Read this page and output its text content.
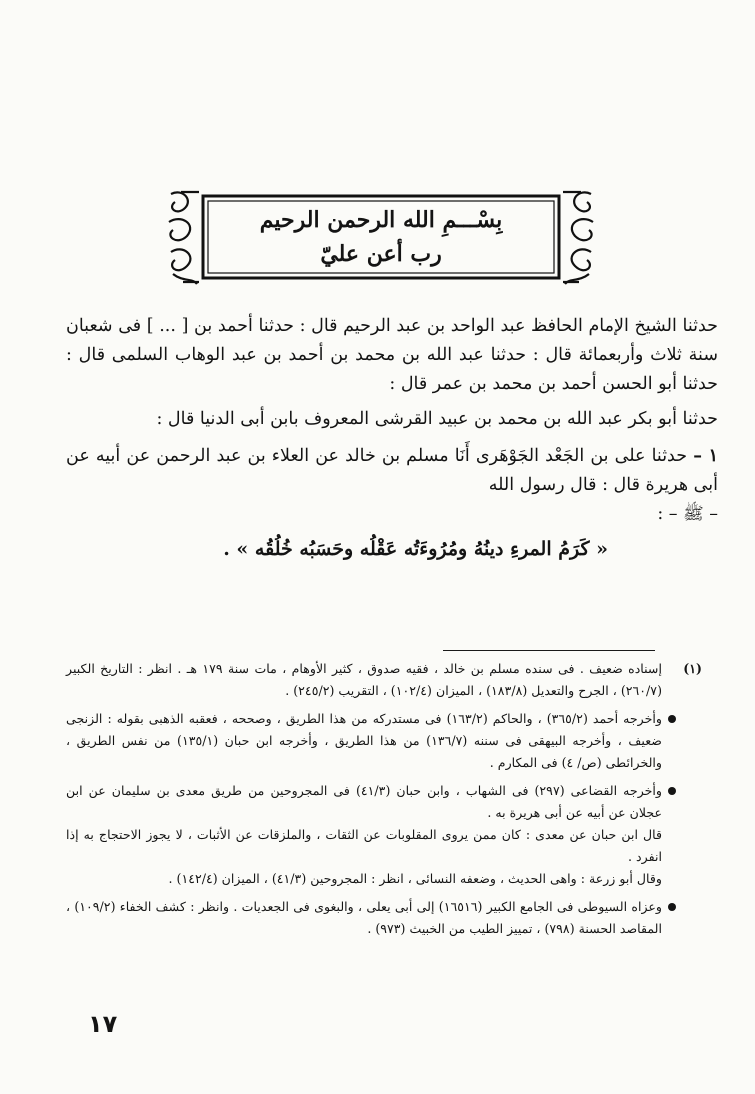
بِسْـــمِ الله الرحمن الرحيم
رب أعن عليّ

حدثنا الشيخ الإمام الحافظ عبد الواحد بن عبد الرحيم قال : حدثنا أحمد بن [ ... ] فى شعبان سنة ثلاث وأربعمائة قال : حدثنا عبد الله بن محمد بن أحمد بن عبد الوهاب السلمى قال : حدثنا أبو الحسن أحمد بن محمد بن عمر قال :

حدثنا أبو بكر عبد الله بن محمد بن عبيد القرشى المعروف بابن أبى الدنيا قال :

١ – حدثنا على بن الجَعْد الجَوْهَرى أَنَا مسلم بن خالد عن العلاء بن عبد الرحمن عن أبيه عن أبى هريرة قال : قال رسول الله
– ﷺ – :

« كَرَمُ المرءِ دينُهُ ومُرُوءَتُه عَقْلُه وحَسَبُه خُلُقُه » .

(١)
إسناده ضعيف . فى سنده مسلم بن خالد ، فقيه صدوق ، كثير الأوهام ، مات سنة ١٧٩ هـ . انظر : التاريخ الكبير (٢٦٠/٧) ، الجرح والتعديل (١٨٣/٨) ، الميزان (١٠٢/٤) ، التقريب (٢٤٥/٢) .
وأخرجه أحمد (٣٦٥/٢) ، والحاكم (١٦٣/٢) فى مستدركه من هذا الطريق ، وصححه ، فعقبه الذهبى بقوله : الزنجى ضعيف ، وأخرجه البيهقى فى سننه (١٣٦/٧) من هذا الطريق ، وأخرجه ابن حبان (١٣٥/١) من نفس الطريق ، والخرائطى (ص/ ٤) فى المكارم .
وأخرجه القضاعى (٢٩٧) فى الشهاب ، وابن حبان (٤١/٣) فى المجروحين من طريق معدى بن سليمان عن ابن عجلان عن أبيه عن أبى هريرة به .
قال ابن حبان عن معدى : كان ممن يروى المقلوبات عن الثقات ، والملزقات عن الأثبات ، لا يجوز الاحتجاج به إذا انفرد .
وقال أبو زرعة : واهى الحديث ، وضعفه النسائى ، انظر : المجروحين (٤١/٣) ، الميزان (١٤٢/٤) .
وعزاه السيوطى فى الجامع الكبير (١٦٥١٦) إلى أبى يعلى ، والبغوى فى الجعديات . وانظر : كشف الخفاء (١٠٩/٢) ، المقاصد الحسنة (٧٩٨) ، تمييز الطيب من الخبيث (٩٧٣) .
١٧
